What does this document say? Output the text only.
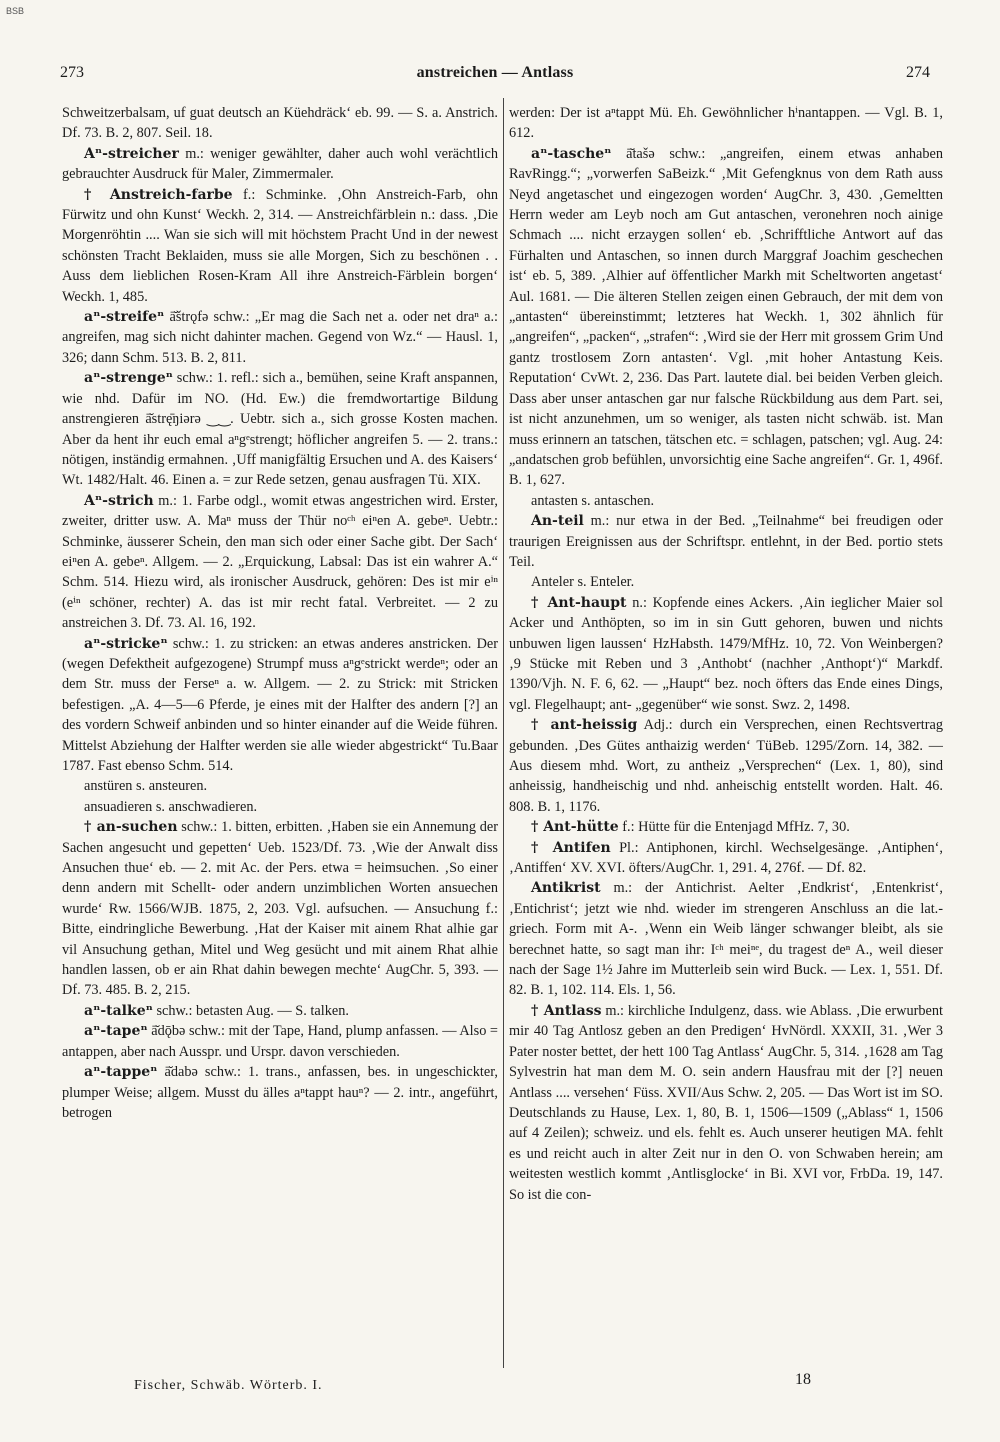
BSB
273	anstreichen — Antlass	274

Schweitzerbalsam, uf guat deutsch an Küehdräck‘ eb. 99. — S. a. Anstrich. Df. 73. B. 2, 807. Seil. 18.

Aⁿ-streicher m.: weniger gewählter, daher auch wohl verächtlich gebrauchter Ausdruck für Maler, Zimmermaler.

† Anstreich-farbe f.: Schminke. ‚Ohn Anstreich-Farb, ohn Fürwitz und ohn Kunst‘ Weckh. 2, 314. — Anstreichfärblein n.: dass. ‚Die Morgenröhtin .... Wan sie sich will mit höchstem Pracht Und in der newest schönsten Tracht Beklaiden, muss sie alle Morgen, Sich zu beschönen . . Auss dem lieblichen Rosen-Kram All ihre Anstreich-Färblein borgen‘ Weckh. 1, 485.

aⁿ-streifeⁿ ā̆štrǫfə schw.: „Er mag die Sach net a. oder net draⁿ a.: angreifen, mag sich nicht dahinter machen. Gegend von Wz.“ — Hausl. 1, 326; dann Schm. 513. B. 2, 811.

aⁿ-strengeⁿ schw.: 1. refl.: sich a., bemühen, seine Kraft anspannen, wie nhd. Dafür im NO. (Hd. Ew.) die fremdwortartige Bildung anstrengieren ā̆strę̄ŋiərə ‿‿. Uebtr. sich a., sich grosse Kosten machen. Aber da hent ihr euch emal aⁿgᵉstrengt; höflicher angreifen 5. — 2. trans.: nötigen, inständig ermahnen. ‚Uff manigfältig Ersuchen und A. des Kaisers‘ Wt. 1482/Halt. 46. Einen a. = zur Rede setzen, genau ausfragen Tü. XIX.

Aⁿ-strich m.: 1. Farbe odgl., womit etwas angestrichen wird. Erster, zweiter, dritter usw. A. Maⁿ muss der Thür noᶜʰ eiⁿen A. gebeⁿ. Uebtr.: Schminke, äusserer Schein, den man sich oder einer Sache gibt. Der Sach‘ eiⁿen A. gebeⁿ. Allgem. — 2. „Erquickung, Labsal: Das ist ein wahrer A.“ Schm. 514. Hiezu wird, als ironischer Ausdruck, gehören: Des ist mir eⁱⁿ (eⁱⁿ schöner, rechter) A. das ist mir recht fatal. Verbreitet. — 2 zu anstreichen 3. Df. 73. Al. 16, 192.

aⁿ-strickeⁿ schw.: 1. zu stricken: an etwas anderes anstricken. Der (wegen Defektheit aufgezogene) Strumpf muss aⁿgᵉstrickt werdeⁿ; oder an dem Str. muss der Ferseⁿ a. w. Allgem. — 2. zu Strick: mit Stricken befestigen. „A. 4—5—6 Pferde, je eines mit der Halfter des andern [?] an des vordern Schweif anbinden und so hinter einander auf die Weide führen. Mittelst Abziehung der Halfter werden sie alle wieder abgestrickt“ Tu.Baar 1787. Fast ebenso Schm. 514.

anstüren s. ansteuren.

ansuadieren s. anschwadieren.

† an-suchen schw.: 1. bitten, erbitten. ‚Haben sie ein Annemung der Sachen angesucht und gepetten‘ Ueb. 1523/Df. 73. ‚Wie der Anwalt diss Ansuchen thue‘ eb. — 2. mit Ac. der Pers. etwa = heimsuchen. ‚So einer denn andern mit Schellt- oder andern unzimblichen Worten ansuechen wurde‘ Rw. 1566/WJB. 1875, 2, 203. Vgl. aufsuchen. — Ansuchung f.: Bitte, eindringliche Bewerbung. ‚Hat der Kaiser mit ainem Rhat alhie gar vil Ansuchung gethan, Mitel und Weg gesücht und mit ainem Rhat alhie handlen lassen, ob er ain Rhat dahin bewegen mechte‘ AugChr. 5, 393. — Df. 73. 485. B. 2, 215.

aⁿ-talkeⁿ schw.: betasten Aug. — S. talken.

aⁿ-tapeⁿ ā̆dǭbə schw.: mit der Tape, Hand, plump anfassen. — Also = antappen, aber nach Ausspr. und Urspr. davon verschieden.

aⁿ-tappeⁿ ā̆dabə schw.: 1. trans., anfassen, bes. in ungeschickter, plumper Weise; allgem. Musst du älles aⁿtappt hauⁿ? — 2. intr., angeführt, betrogen

werden: Der ist aⁿtappt Mü. Eh. Gewöhnlicher hⁱnantappen. — Vgl. B. 1, 612.

aⁿ-tascheⁿ ā̆tašə schw.: „angreifen, einem etwas anhaben RavRingg.“; „vorwerfen SaBeizk.“ ‚Mit Gefengknus von dem Rath auss Neyd angetaschet und eingezogen worden‘ AugChr. 3, 430. ‚Gemeltten Herrn weder am Leyb noch am Gut antaschen, veronehren noch ainige Schmach .... nicht erzaygen sollen‘ eb. ‚Schrifftliche Antwort auf das Fürhalten und Antaschen, so innen durch Marggraf Joachim geschechen ist‘ eb. 5, 389. ‚Alhier auf öffentlicher Markh mit Scheltworten angetast‘ Aul. 1681. — Die älteren Stellen zeigen einen Gebrauch, der mit dem von „antasten“ übereinstimmt; letzteres hat Weckh. 1, 302 ähnlich für „angreifen“, „packen“, „strafen“: ‚Wird sie der Herr mit grossem Grim Und gantz trostlosem Zorn antasten‘. Vgl. ‚mit hoher Antastung Keis. Reputation‘ CvWt. 2, 236. Das Part. lautete dial. bei beiden Verben gleich. Dass aber unser antaschen gar nur falsche Rückbildung aus dem Part. sei, ist nicht anzunehmen, um so weniger, als tasten nicht schwäb. ist. Man muss erinnern an tatschen, tätschen etc. = schlagen, patschen; vgl. Aug. 24: „andatschen grob befühlen, unvorsichtig eine Sache angreifen“. Gr. 1, 496f. B. 1, 627.

antasten s. antaschen.

An-teil m.: nur etwa in der Bed. „Teilnahme“ bei freudigen oder traurigen Ereignissen aus der Schriftspr. entlehnt, in der Bed. portio stets Teil.

Anteler s. Enteler.

† Ant-haupt n.: Kopfende eines Ackers. ‚Ain ieglicher Maier sol Acker und Anthöpten, so im in sin Gutt gehoren, buwen und nichts unbuwen ligen laussen‘ HzHabsth. 1479/MfHz. 10, 72. Von Weinbergen? ‚9 Stücke mit Reben und 3 ‚Anthobt‘ (nachher ‚Anthopt‘)“ Markdf. 1390/Vjh. N. F. 6, 62. — „Haupt“ bez. noch öfters das Ende eines Dings, vgl. Flegelhaupt; ant- „gegenüber“ wie sonst. Swz. 2, 1498.

† ant-heissig Adj.: durch ein Versprechen, einen Rechtsvertrag gebunden. ‚Des Gütes anthaizig werden‘ TüBeb. 1295/Zorn. 14, 382. — Aus diesem mhd. Wort, zu antheiz „Versprechen“ (Lex. 1, 80), sind anheissig, handheischig und nhd. anheischig entstellt worden. Halt. 46. 808. B. 1, 1176.

† Ant-hütte f.: Hütte für die Entenjagd MfHz. 7, 30.

† Antifen Pl.: Antiphonen, kirchl. Wechselgesänge. ‚Antiphen‘, ‚Antiffen‘ XV. XVI. öfters/AugChr. 1, 291. 4, 276f. — Df. 82.

Antikrist m.: der Antichrist. Aelter ‚Endkrist‘, ‚Entenkrist‘, ‚Entichrist‘; jetzt wie nhd. wieder im strengeren Anschluss an die lat.-griech. Form mit A-. ‚Wenn ein Weib länger schwanger bleibt, als sie berechnet hatte, so sagt man ihr: Iᶜʰ meiⁿᵉ, du tragest deⁿ A., weil dieser nach der Sage 1½ Jahre im Mutterleib sein wird Buck. — Lex. 1, 551. Df. 82. B. 1, 102. 114. Els. 1, 56.

† Antlass m.: kirchliche Indulgenz, dass. wie Ablass. ‚Die erwurbent mir 40 Tag Antlosz geben an den Predigen‘ HvNördl. XXXII, 31. ‚Wer 3 Pater noster bettet, der hett 100 Tag Antlass‘ AugChr. 5, 314. ‚1628 am Tag Sylvestrin hat man dem M. O. sein andern Hausfrau mit der [?] neuen Antlass .... versehen‘ Füss. XVII/Aus Schw. 2, 205. — Das Wort ist im SO. Deutschlands zu Hause, Lex. 1, 80, B. 1, 1506—1509 („Ablass“ 1, 1506 auf 4 Zeilen); schweiz. und els. fehlt es. Auch unserer heutigen MA. fehlt es und reicht auch in alter Zeit nur in den O. von Schwaben herein; am weitesten westlich kommt ‚Antlisglocke‘ in Bi. XVI vor, FrbDa. 19, 147. So ist die con-

Fischer, Schwäb. Wörterb. I.	18
